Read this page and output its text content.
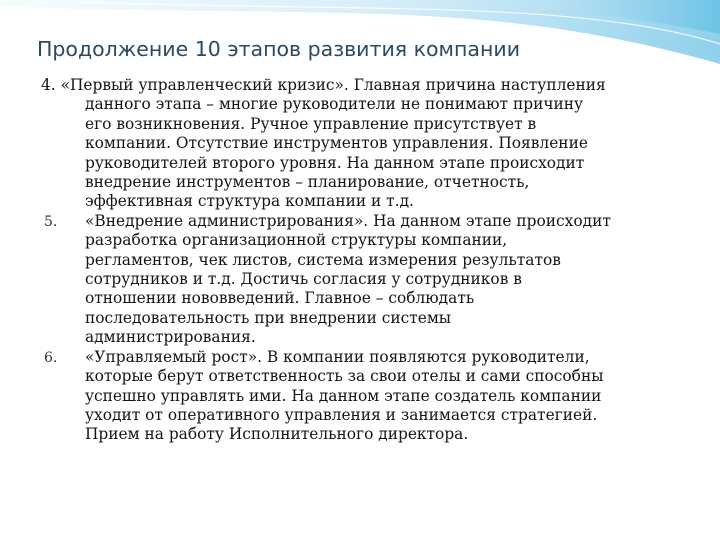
Продолжение 10 этапов развития компании
4. «Первый управленческий кризис». Главная причина наступления
данного этапа – многие руководители не понимают причину
его возникновения. Ручное управление присутствует в
компании. Отсутствие инструментов управления. Появление
руководителей второго уровня. На данном этапе происходит
внедрение инструментов – планирование, отчетность,
эффективная структура компании и т.д.
5. «Внедрение администрирования». На данном этапе происходит
разработка организационной структуры компании,
регламентов, чек листов, система измерения результатов
сотрудников и т.д. Достичь согласия у сотрудников в
отношении нововведений. Главное – соблюдать
последовательность при внедрении системы
администрирования.
6. «Управляемый рост». В компании появляются руководители,
которые берут ответственность за свои отелы и сами способны
успешно управлять ими. На данном этапе создатель компании
уходит от оперативного управления и занимается стратегией.
Прием на работу Исполнительного директора.
